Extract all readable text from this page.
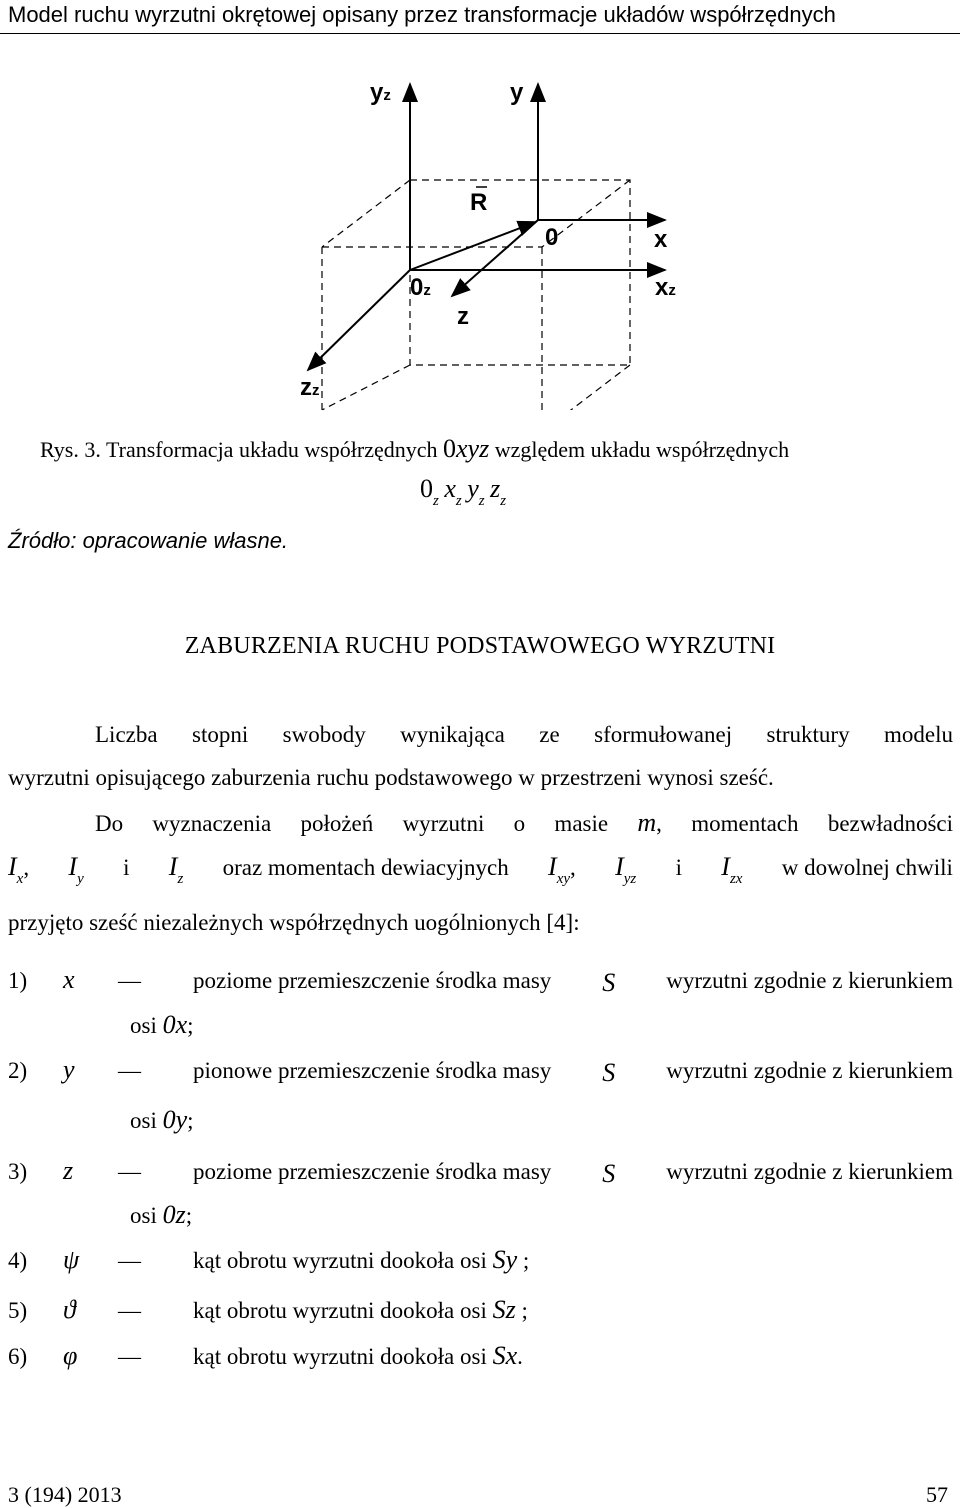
Model ruchu wyrzutni okrętowej opisany przez transformacje układów współrzędnych
yz	y
R
0	x
0z	xz
z
zz
Rys. 3. Transformacja układu współrzędnych 0xyz względem układu współrzędnych
$0_z$ $x_z$ $y_z$ $z_z$
Źródło: opracowanie własne.
ZABURZENIA RUCHU PODSTAWOWEGO WYRZUTNI
Liczba stopni swobody wynikająca ze sformułowanej struktury modelu
wyrzutni opisującego zaburzenia ruchu podstawowego w przestrzeni wynosi sześć.
Do wyznaczenia położeń wyrzutni o masie m, momentach bezwładności
$I_x$, $I_y$ i $I_z$ oraz momentach dewiacyjnych $I_{xy}$, $I_{yz}$ i $I_{zx}$ w dowolnej chwili
przyjęto sześć niezależnych współrzędnych uogólnionych [4]:
1)	x	—	poziome przemieszczenie środka masy S wyrzutni zgodnie z kierunkiem
osi 0x;
2)	y	—	pionowe przemieszczenie środka masy S wyrzutni zgodnie z kierunkiem
osi 0y;
3)	z	—	poziome przemieszczenie środka masy S wyrzutni zgodnie z kierunkiem
osi 0z;
4)	ψ	—	kąt obrotu wyrzutni dookoła osi
Sy
;
5)	ϑ	—	kąt obrotu wyrzutni dookoła osi
Sz
;
6)	φ	—	kąt obrotu wyrzutni dookoła osi
Sx .
3 (194) 2013	57
